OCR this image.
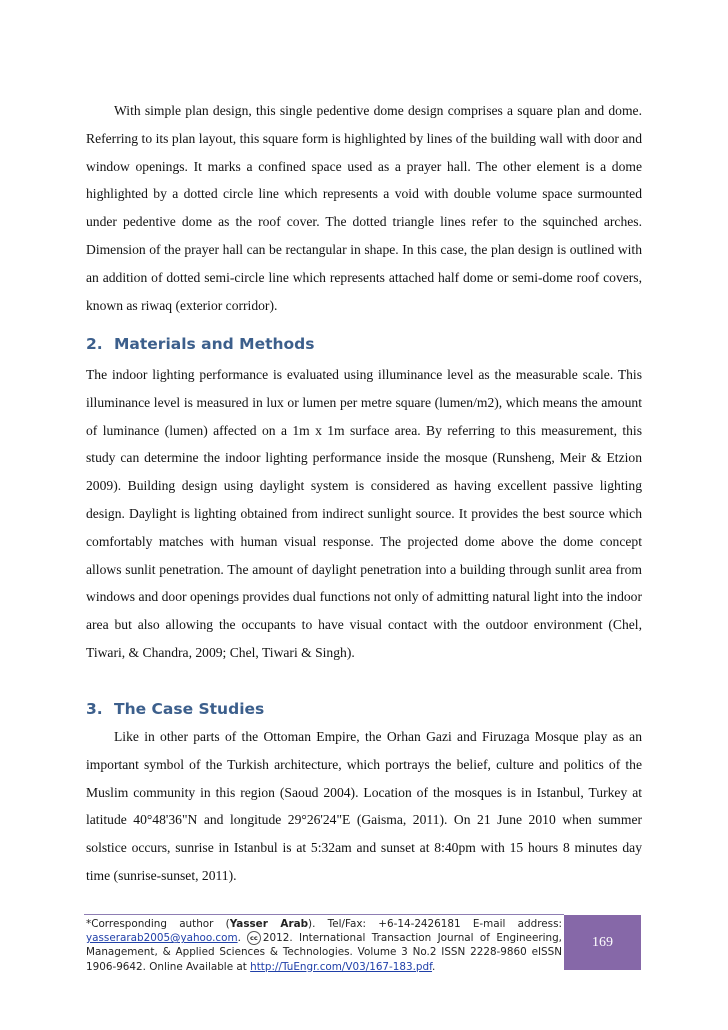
With simple plan design, this single pedentive dome design comprises a square plan and dome. Referring to its plan layout, this square form is highlighted by lines of the building wall with door and window openings. It marks a confined space used as a prayer hall. The other element is a dome highlighted by a dotted circle line which represents a void with double volume space surmounted under pedentive dome as the roof cover. The dotted triangle lines refer to the squinched arches. Dimension of the prayer hall can be rectangular in shape. In this case, the plan design is outlined with an addition of dotted semi-circle line which represents attached half dome or semi-dome roof covers, known as riwaq (exterior corridor).

2. Materials and Methods

The indoor lighting performance is evaluated using illuminance level as the measurable scale. This illuminance level is measured in lux or lumen per metre square (lumen/m2), which means the amount of luminance (lumen) affected on a 1m x 1m surface area. By referring to this measurement, this study can determine the indoor lighting performance inside the mosque (Runsheng, Meir & Etzion 2009). Building design using daylight system is considered as having excellent passive lighting design. Daylight is lighting obtained from indirect sunlight source. It provides the best source which comfortably matches with human visual response. The projected dome above the dome concept allows sunlit penetration. The amount of daylight penetration into a building through sunlit area from windows and door openings provides dual functions not only of admitting natural light into the indoor area but also allowing the occupants to have visual contact with the outdoor environment (Chel, Tiwari, & Chandra, 2009; Chel, Tiwari & Singh).

3. The Case Studies

Like in other parts of the Ottoman Empire, the Orhan Gazi and Firuzaga Mosque play as an important symbol of the Turkish architecture, which portrays the belief, culture and politics of the Muslim community in this region (Saoud 2004). Location of the mosques is in Istanbul, Turkey at latitude 40°48'36"N and longitude 29°26'24"E (Gaisma, 2011). On 21 June 2010 when summer solstice occurs, sunrise in Istanbul is at 5:32am and sunset at 8:40pm with 15 hours 8 minutes day time (sunrise-sunset, 2011).

*Corresponding author (Yasser Arab). Tel/Fax: +6-14-2426181 E-mail address: yasserarab2005@yahoo.com. cc 2012. International Transaction Journal of Engineering, Management, & Applied Sciences & Technologies. Volume 3 No.2 ISSN 2228-9860 eISSN 1906-9642. Online Available at http://TuEngr.com/V03/167-183.pdf.
169
